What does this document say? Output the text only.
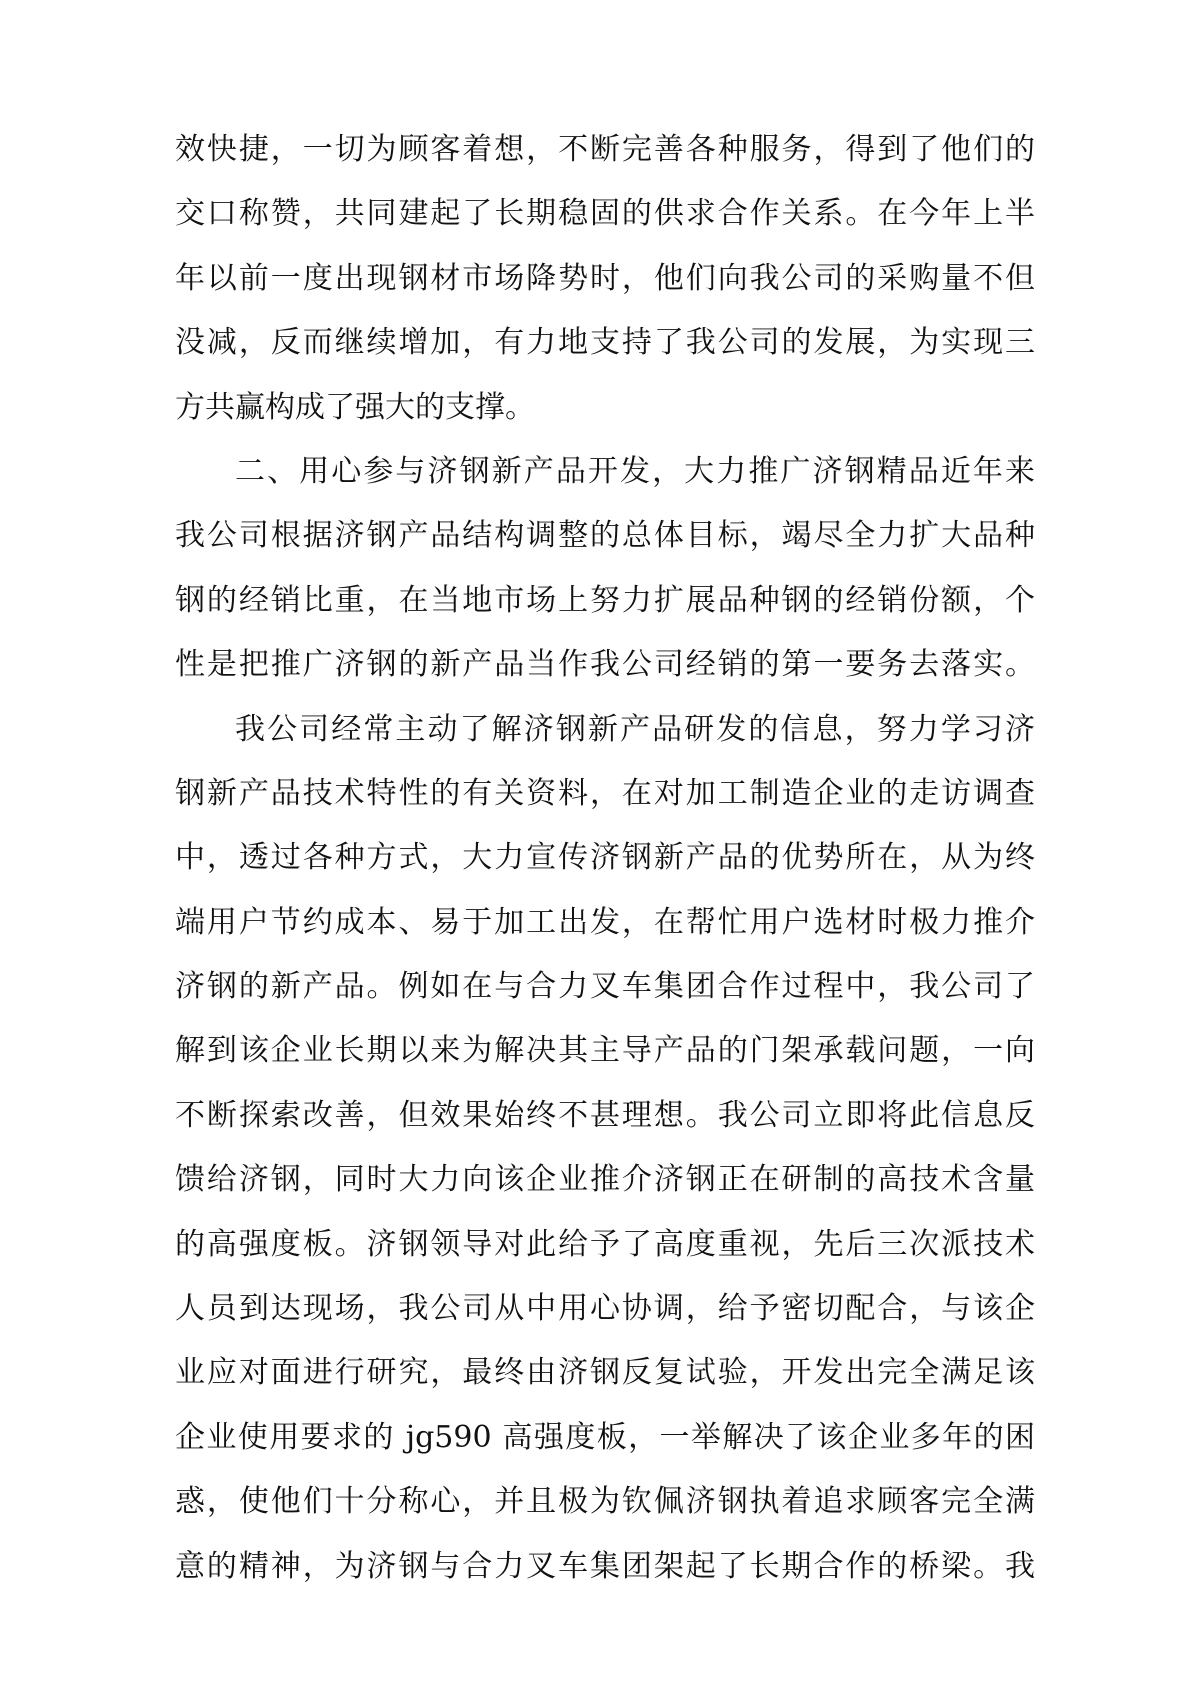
效快捷，一切为顾客着想，不断完善各种服务，得到了他们的
交口称赞，共同建起了长期稳固的供求合作关系。在今年上半
年以前一度出现钢材市场降势时，他们向我公司的采购量不但
没减，反而继续增加，有力地支持了我公司的发展，为实现三
方共赢构成了强大的支撑。
二、用心参与济钢新产品开发，大力推广济钢精品近年来
我公司根据济钢产品结构调整的总体目标，竭尽全力扩大品种
钢的经销比重，在当地市场上努力扩展品种钢的经销份额，个
性是把推广济钢的新产品当作我公司经销的第一要务去落实。
我公司经常主动了解济钢新产品研发的信息，努力学习济
钢新产品技术特性的有关资料，在对加工制造企业的走访调查
中，透过各种方式，大力宣传济钢新产品的优势所在，从为终
端用户节约成本、易于加工出发，在帮忙用户选材时极力推介
济钢的新产品。例如在与合力叉车集团合作过程中，我公司了
解到该企业长期以来为解决其主导产品的门架承载问题，一向
不断探索改善，但效果始终不甚理想。我公司立即将此信息反
馈给济钢，同时大力向该企业推介济钢正在研制的高技术含量
的高强度板。济钢领导对此给予了高度重视，先后三次派技术
人员到达现场，我公司从中用心协调，给予密切配合，与该企
业应对面进行研究，最终由济钢反复试验，开发出完全满足该
企业使用要求的 jg590 高强度板，一举解决了该企业多年的困
惑，使他们十分称心，并且极为钦佩济钢执着追求顾客完全满
意的精神，为济钢与合力叉车集团架起了长期合作的桥梁。我
